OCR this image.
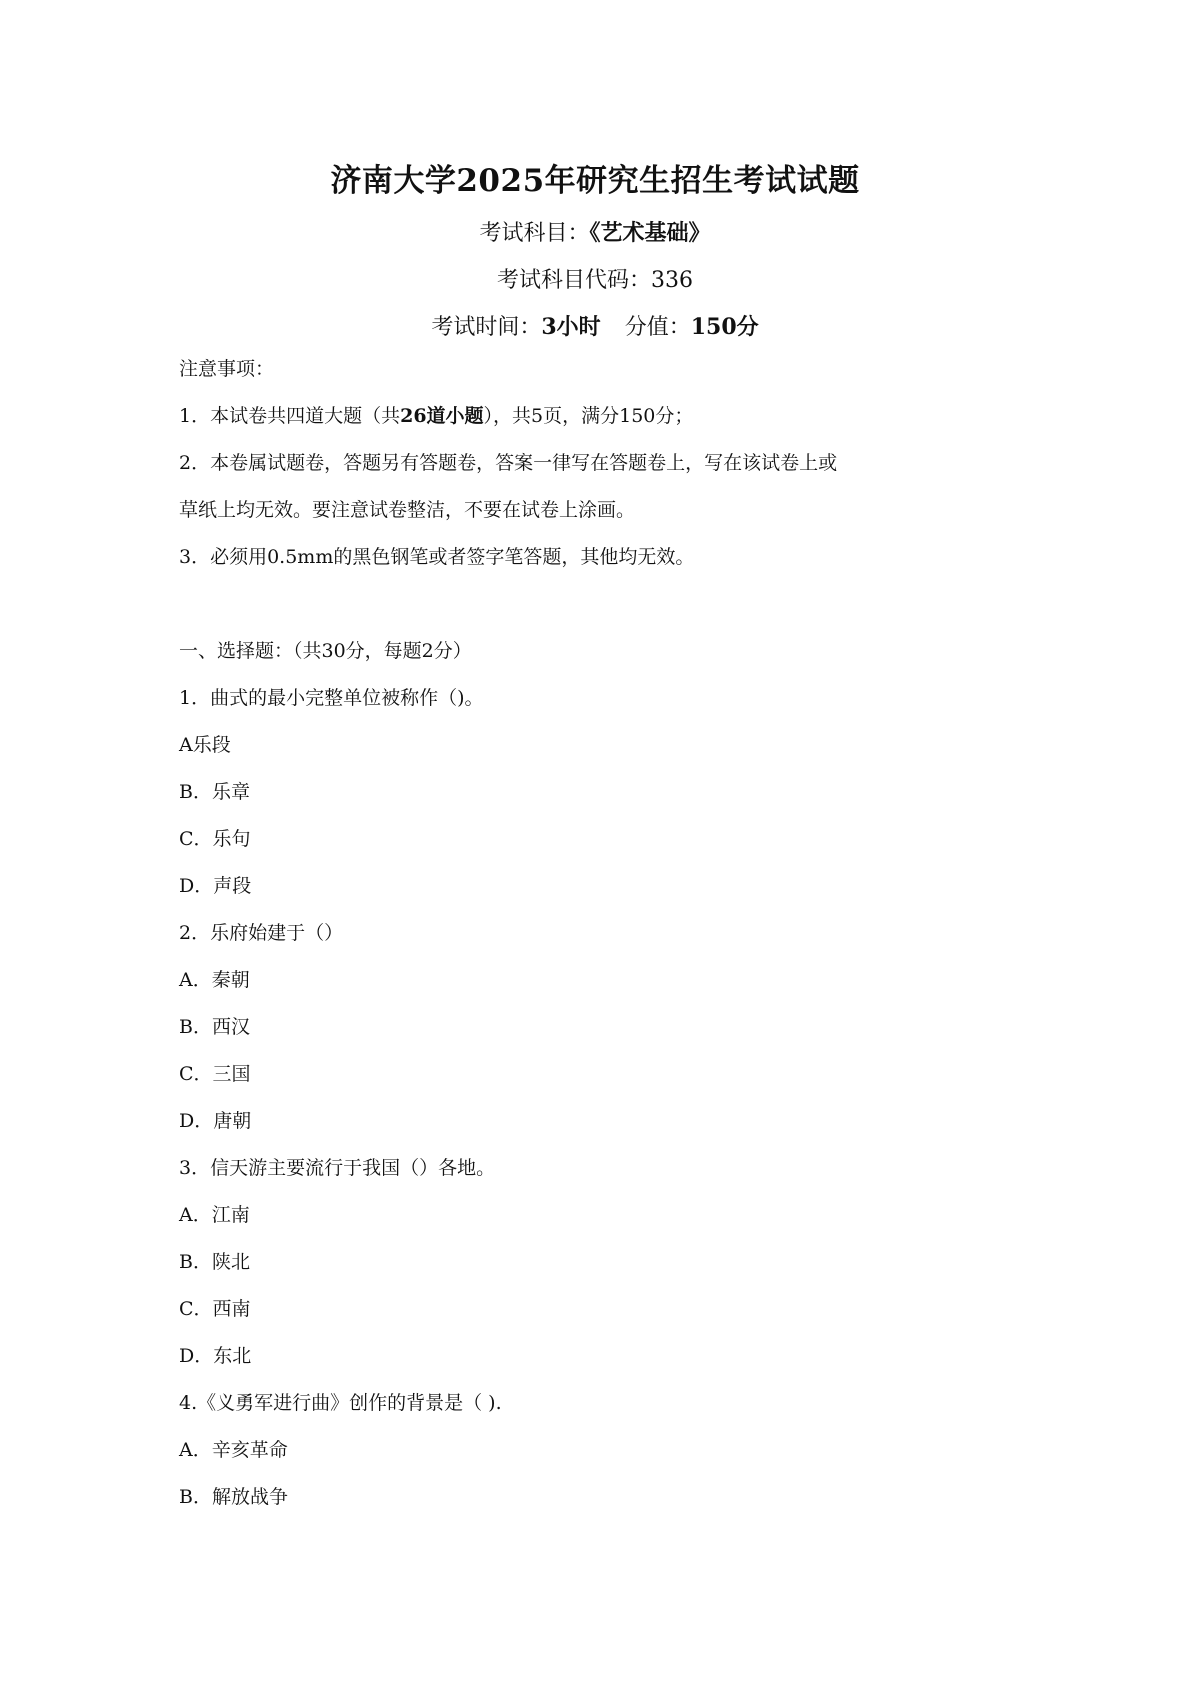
济南大学2025年研究生招生考试试题
考试科目：《艺术基础》
考试科目代码：336
考试时间：3小时 分值：150分
注意事项：
1．本试卷共四道大题（共26道小题），共5页，满分150分；
2．本卷属试题卷，答题另有答题卷，答案一律写在答题卷上，写在该试卷上或
草纸上均无效。要注意试卷整洁，不要在试卷上涂画。
3．必须用0.5mm的黑色钢笔或者签字笔答题，其他均无效。
一、选择题：（共30分，每题2分）
1．曲式的最小完整单位被称作（)。
A乐段
B．乐章
C．乐句
D．声段
2．乐府始建于（）
A．秦朝
B．西汉
C．三国
D．唐朝
3．信天游主要流行于我国（）各地。
A．江南
B．陕北
C．西南
D．东北
4.《义勇军进行曲》创作的背景是（ ).
A．辛亥革命
B．解放战争
